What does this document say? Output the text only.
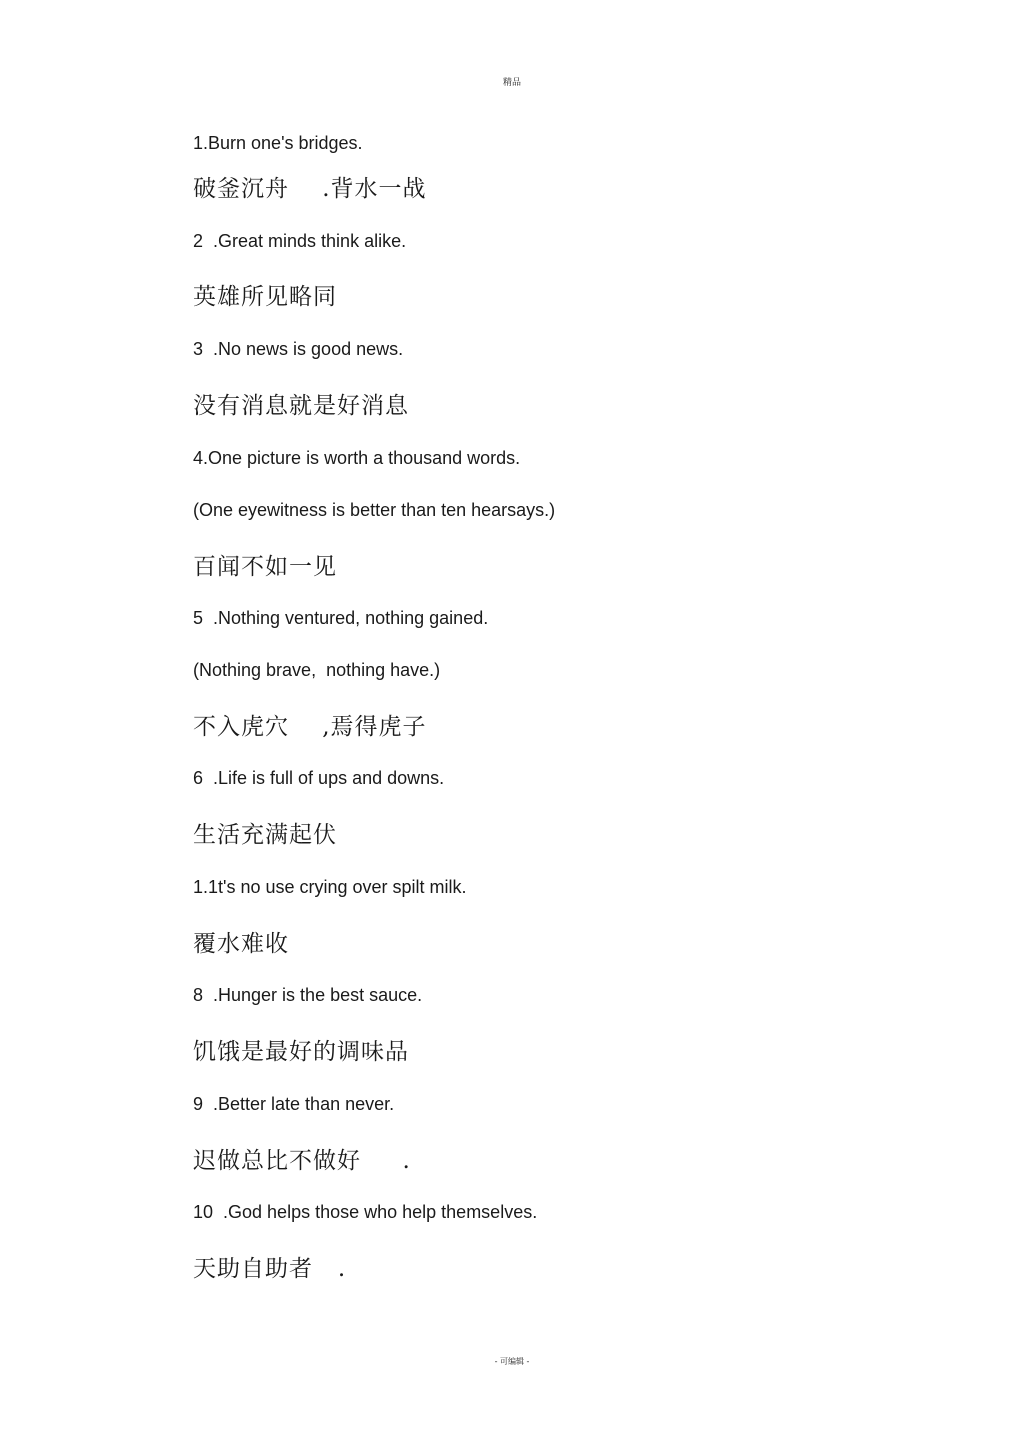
精品
1.Burn one's bridges.
破釜沉舟    .背水一战
2  .Great minds think alike.
英雄所见略同
3  .No news is good news.
没有消息就是好消息
4.One picture is worth a thousand words.
(One eyewitness is better than ten hearsays.)
百闻不如一见
5  .Nothing ventured, nothing gained.
(Nothing brave,  nothing have.)
不入虎穴    ,焉得虎子
6  .Life is full of ups and downs.
生活充满起伏
1.1t's no use crying over spilt milk.
覆水难收
8  .Hunger is the best sauce.
饥饿是最好的调味品
9  .Better late than never.
迟做总比不做好     .
10  .God helps those who help themselves.
天助自助者   .
- 可编辑 -
